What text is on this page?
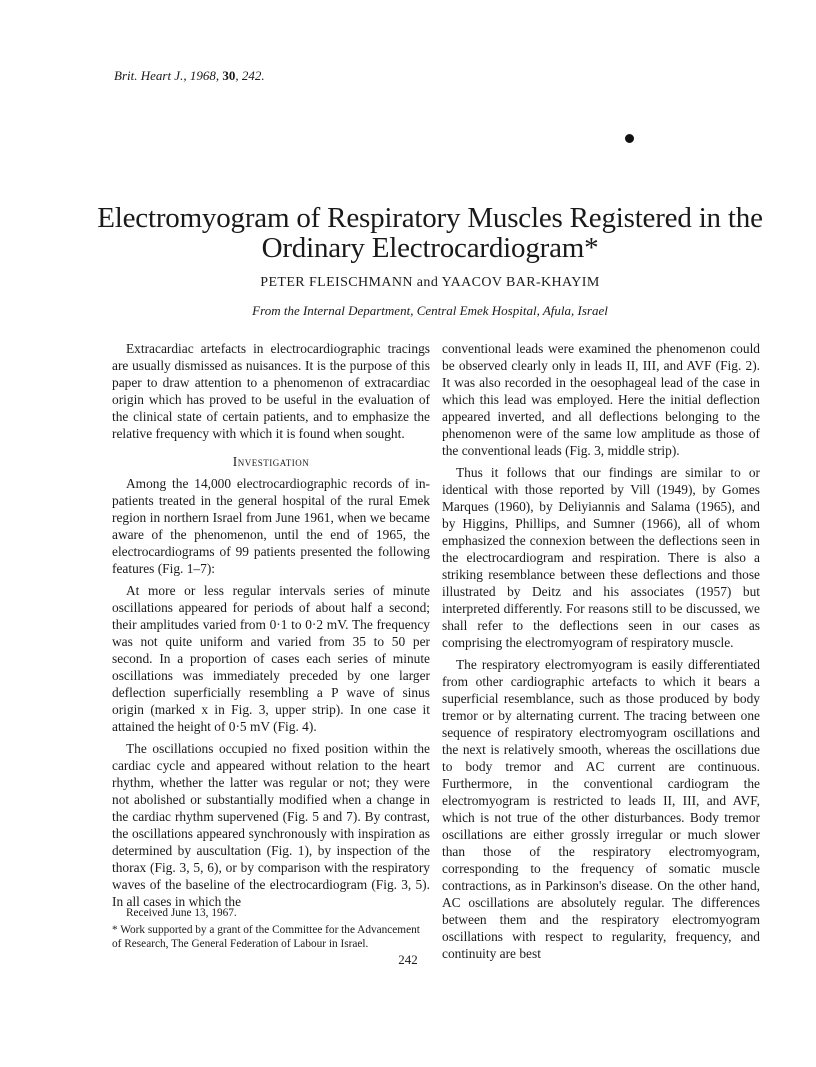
Brit. Heart J., 1968, 30, 242.
Electromyogram of Respiratory Muscles Registered in the Ordinary Electrocardiogram*
PETER FLEISCHMANN and YAACOV BAR-KHAYIM
From the Internal Department, Central Emek Hospital, Afula, Israel

Extracardiac artefacts in electrocardiographic tracings are usually dismissed as nuisances. It is the purpose of this paper to draw attention to a phenomenon of extracardiac origin which has proved to be useful in the evaluation of the clinical state of certain patients, and to emphasize the relative frequency with which it is found when sought.

Investigation

Among the 14,000 electrocardiographic records of in-patients treated in the general hospital of the rural Emek region in northern Israel from June 1961, when we became aware of the phenomenon, until the end of 1965, the electrocardiograms of 99 patients presented the following features (Fig. 1–7):

At more or less regular intervals series of minute oscillations appeared for periods of about half a second; their amplitudes varied from 0·1 to 0·2 mV. The frequency was not quite uniform and varied from 35 to 50 per second. In a proportion of cases each series of minute oscillations was immediately preceded by one larger deflection superficially resembling a P wave of sinus origin (marked x in Fig. 3, upper strip). In one case it attained the height of 0·5 mV (Fig. 4).

The oscillations occupied no fixed position within the cardiac cycle and appeared without relation to the heart rhythm, whether the latter was regular or not; they were not abolished or substantially modified when a change in the cardiac rhythm supervened (Fig. 5 and 7). By contrast, the oscillations appeared synchronously with inspiration as determined by auscultation (Fig. 1), by inspection of the thorax (Fig. 3, 5, 6), or by comparison with the respiratory waves of the baseline of the electrocardiogram (Fig. 3, 5). In all cases in which the

conventional leads were examined the phenomenon could be observed clearly only in leads II, III, and AVF (Fig. 2). It was also recorded in the oesophageal lead of the case in which this lead was employed. Here the initial deflection appeared inverted, and all deflections belonging to the phenomenon were of the same low amplitude as those of the conventional leads (Fig. 3, middle strip).

Thus it follows that our findings are similar to or identical with those reported by Vill (1949), by Gomes Marques (1960), by Deliyiannis and Salama (1965), and by Higgins, Phillips, and Sumner (1966), all of whom emphasized the connexion between the deflections seen in the electrocardiogram and respiration. There is also a striking resemblance between these deflections and those illustrated by Deitz and his associates (1957) but interpreted differently. For reasons still to be discussed, we shall refer to the deflections seen in our cases as comprising the electromyogram of respiratory muscle.

The respiratory electromyogram is easily differentiated from other cardiographic artefacts to which it bears a superficial resemblance, such as those produced by body tremor or by alternating current. The tracing between one sequence of respiratory electromyogram oscillations and the next is relatively smooth, whereas the oscillations due to body tremor and AC current are continuous. Furthermore, in the conventional cardiogram the electromyogram is restricted to leads II, III, and AVF, which is not true of the other disturbances. Body tremor oscillations are either grossly irregular or much slower than those of the respiratory electromyogram, corresponding to the frequency of somatic muscle contractions, as in Parkinson's disease. On the other hand, AC oscillations are absolutely regular. The differences between them and the respiratory electromyogram oscillations with respect to regularity, frequency, and continuity are best

Received June 13, 1967.

* Work supported by a grant of the Committee for the Advancement of Research, The General Federation of Labour in Israel.

242
